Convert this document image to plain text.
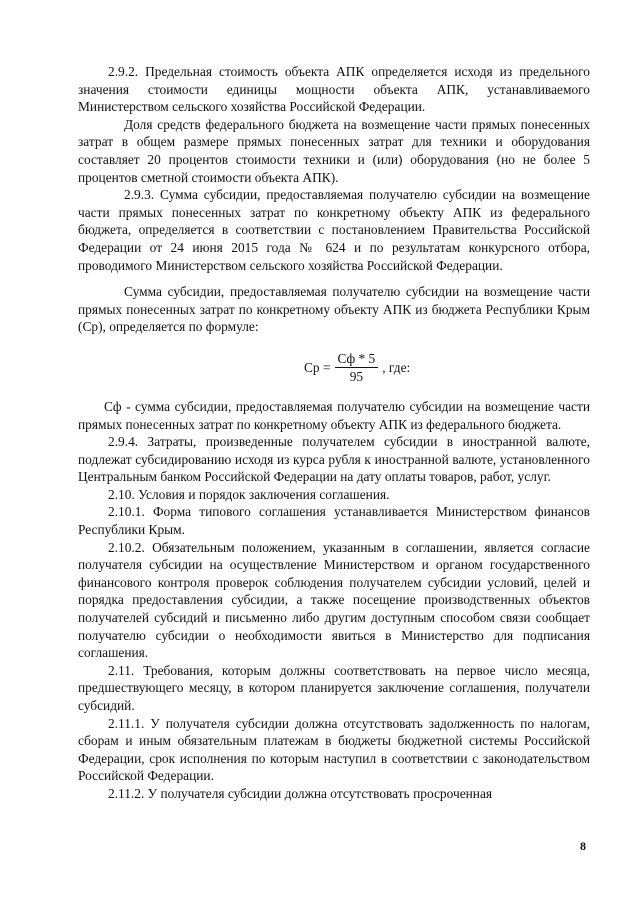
2.9.2. Предельная стоимость объекта АПК определяется исходя из предельного значения стоимости единицы мощности объекта АПК, устанавливаемого Министерством сельского хозяйства Российской Федерации.

Доля средств федерального бюджета на возмещение части прямых понесенных затрат в общем размере прямых понесенных затрат для техники и оборудования составляет 20 процентов стоимости техники и (или) оборудования (но не более 5 процентов сметной стоимости объекта АПК).

2.9.3. Сумма субсидии, предоставляемая получателю субсидии на возмещение части прямых понесенных затрат по конкретному объекту АПК из федерального бюджета, определяется в соответствии с постановлением Правительства Российской Федерации от 24 июня 2015 года № 624 и по результатам конкурсного отбора, проводимого Министерством сельского хозяйства Российской Федерации.

Сумма субсидии, предоставляемая получателю субсидии на возмещение части прямых понесенных затрат по конкретному объекту АПК из бюджета Республики Крым (Ср), определяется по формуле:

Ср = $\frac{Сф * 5}{95}$ , где:

Сф - сумма субсидии, предоставляемая получателю субсидии на возмещение части прямых понесенных затрат по конкретному объекту АПК из федерального бюджета.

2.9.4. Затраты, произведенные получателем субсидии в иностранной валюте, подлежат субсидированию исходя из курса рубля к иностранной валюте, установленного Центральным банком Российской Федерации на дату оплаты товаров, работ, услуг.

2.10. Условия и порядок заключения соглашения.

2.10.1. Форма типового соглашения устанавливается Министерством финансов Республики Крым.

2.10.2. Обязательным положением, указанным в соглашении, является согласие получателя субсидии на осуществление Министерством и органом государственного финансового контроля проверок соблюдения получателем субсидии условий, целей и порядка предоставления субсидии, а также посещение производственных объектов получателей субсидий и письменно либо другим доступным способом связи сообщает получателю субсидии о необходимости явиться в Министерство для подписания соглашения.

2.11. Требования, которым должны соответствовать на первое число месяца, предшествующего месяцу, в котором планируется заключение соглашения, получатели субсидий.

2.11.1. У получателя субсидии должна отсутствовать задолженность по налогам, сборам и иным обязательным платежам в бюджеты бюджетной системы Российской Федерации, срок исполнения по которым наступил в соответствии с законодательством Российской Федерации.

2.11.2. У получателя субсидии должна отсутствовать просроченная

8
